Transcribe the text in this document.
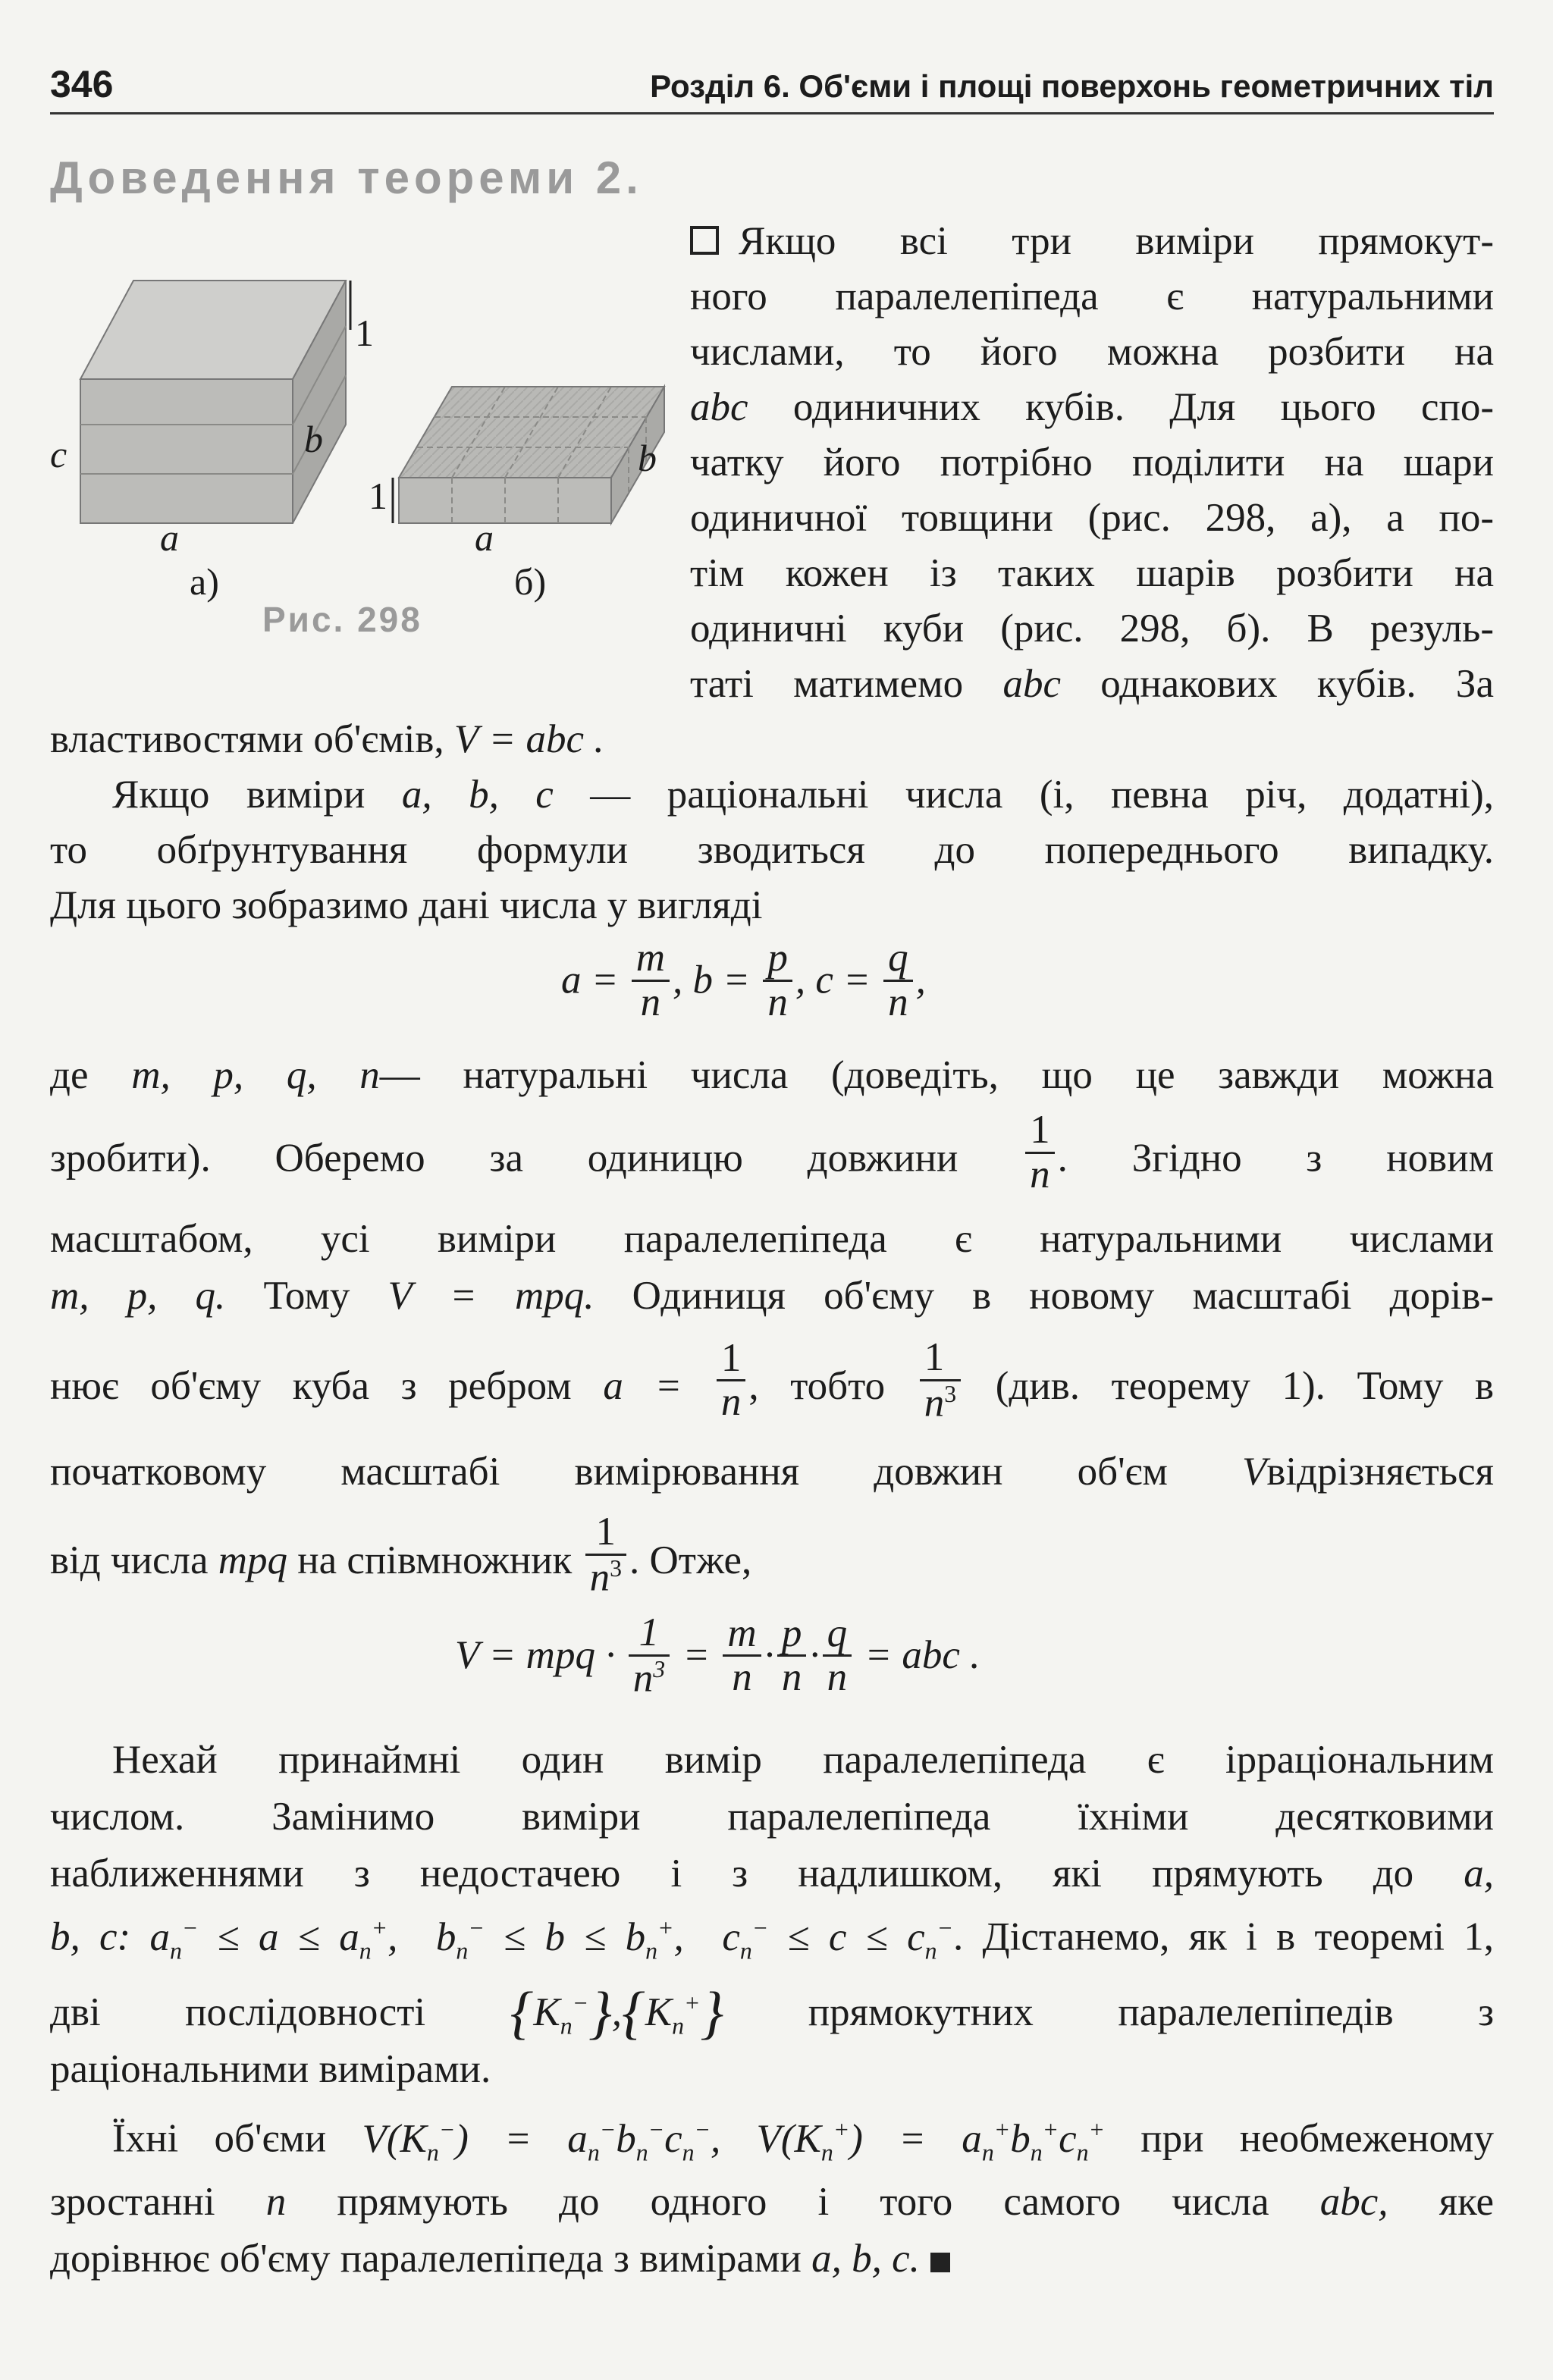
346	Розділ 6. Об'єми і площі поверхонь геометричних тіл
Доведення теореми 2.
c
1
b
a
а)
1
b
a
б)
Рис. 298
Якщо всі три виміри прямокут-
ного паралелепіпеда є натуральними
числами, то його можна розбити на
abc одиничних кубів. Для цього спо-
чатку його потрібно поділити на шари
одиничної товщини (рис. 298, а), а по-
тім кожен із таких шарів розбити на
одиничні куби (рис. 298, б). В резуль-
таті матимемо abc однакових кубів. За
властивостями об'ємів, V = abc .
Якщо виміри a, b, c — раціональні числа (і, певна річ, додатні),
то обґрунтування формули зводиться до попереднього випадку.
Для цього зобразимо дані числа у вигляді
$a = \frac{m}{n}$ , $b = \frac{p}{n}$ , $c = \frac{q}{n}$ ,
де m, p, q, n— натуральні числа (доведіть, що це завжди можна
зробити). Оберемо за одиницю довжини $\frac{1}{n}$ . Згідно з новим
масштабом, усі виміри паралелепіпеда є натуральними числами
m, p, q. Тому V = mpq. Одиниця об'єму в новому масштабі дорів-
нює об'єму куба з ребром $a = \frac{1}{n}$ , тобто $\frac{1}{n^3} (див$. теорему 1). Тому в
початковому масштабі вимірювання довжин об'єм Vвідрізняється
від числа mpq на співмножник $\frac{1}{n^3}$ . Отже,
V = mpq · $\frac{1}{n^3} = \frac{m}{n} \cdot \frac{p}{n} \cdot \frac{q}{n}$ = abc .
Нехай принаймні один вимір паралелепіпеда є ірраціональним
числом. Замінимо виміри паралелепіпеда їхніми десятковими
наближеннями з недостачею і з надлишком, які прямують до a,
b, c: $a_n^- \le a \le a_n^+$,  $b_n^- \le b \le b_n^+$,  $c_n^- \le c \le c_n^-$. Дістанемо, як і в теоремі 1,
дві послідовності $\{K_n^-\},\{K_n^+\}$ прямокутних паралелепіпедів з
раціональними вимірами.
Їхні об'єми $V(K_n^-) = a_n^-b_n^-c_n^-$, $V(K_n^+) = a_n^+b_n^+c_n^+$ при необмеженому
зростанні n прямують до одного і того самого числа abc, яке
дорівнює об'єму паралелепіпеда з вимірами a, b, c.
